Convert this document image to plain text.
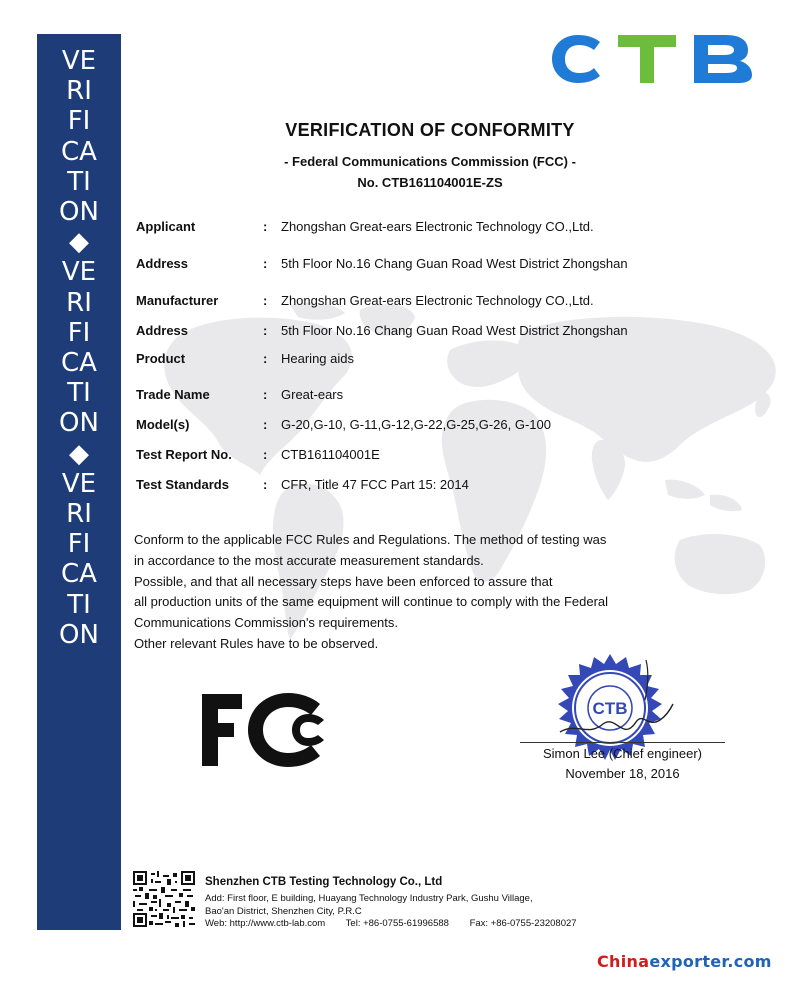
VERIFICATION ◆ VERIFICATION ◆ VERIFICATION
VERIFICATION OF CONFORMITY
- Federal Communications Commission (FCC) -
No. CTB161104001E-ZS
Applicant	: Zhongshan Great-ears Electronic Technology CO.,Ltd.
Address	: 5th Floor No.16 Chang Guan Road West District Zhongshan
Manufacturer	: Zhongshan Great-ears Electronic Technology CO.,Ltd.
Address	: 5th Floor No.16 Chang Guan Road West District Zhongshan
Product	: Hearing aids
Trade Name	: Great-ears
Model(s)	: G-20,G-10, G-11,G-12,G-22,G-25,G-26, G-100
Test Report No. : CTB161104001E
Test Standards	: CFR, Title 47 FCC Part 15: 2014

Conform to the applicable FCC Rules and Regulations. The method of testing was

in accordance to the most accurate measurement standards.

Possible, and that all necessary steps have been enforced to assure that

all production units of the same equipment will continue to comply with the Federal

Communications Commission's requirements.

Other relevant Rules have to be observed.

CTB
Simon Lee (Chief engineer)
November 18, 2016
Shenzhen CTB Testing Technology Co., Ltd
Add: First floor, E building, Huayang Technology Industry Park, Gushu Village,
Bao'an District, Shenzhen City, P.R.C
Web: http://www.ctb-lab.com Tel: +86-0755-61996588 Fax: +86-0755-23208027
Chinaexporter.com
